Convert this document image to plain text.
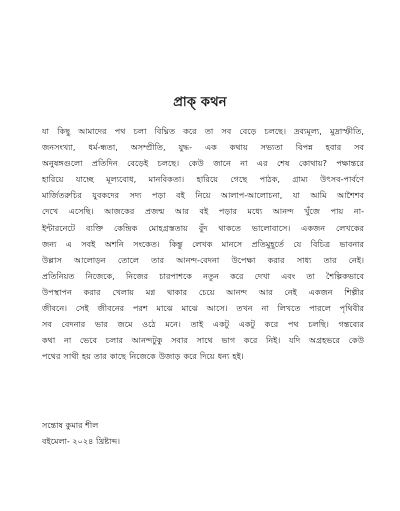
প্রাক্‌ কথন
যা কিছু আমাদের পথ চলা বিঘ্নিত করে তা সব বেড়ে চলছে। দ্রব্যমূল্য, মুদ্রাস্ফীতি,
জনসংখ্যা, ধর্ম-ন্ধতা, অসম্প্রীতি, যুদ্ধ- এক কথায় সভ্যতা বিপন্ন হবার সব
অনুষঙ্গগুলো প্রতিদিন বেড়েই চলছে। কেউ জানে না এর শেষ কোথায়? পক্ষান্তরে
হারিয়ে যাচ্ছে মূল্যবোধ, মানবিকতা। হারিয়ে গেছে পাঠক, গ্রাম্য উৎসব-পার্বণে
মার্জিতরুচির যুবকদের সদ্য পড়া বই নিয়ে আলাপ-আলোচনা, যা আমি আশৈশব
দেখে এসেছি। আজকের প্রজন্ম আর বই পড়ার মধ্যে আনন্দ খুঁজে পায় না-
ইন্টারনেটে ব্যক্তি কেন্দ্রিক মোহগ্রস্ততায় বুঁদ থাকতে ভালোবাসে। একজন লেখকের
জন্য এ সবই অশনি সংকেত। কিন্তু লেখক মানসে প্রতিমুহূর্তে যে বিচিত্র ভাবনার
উল্লাস আলোড়ন তোলে তার আনন্দ-বেদনা উপেক্ষা করার সাধ্য তার নেই।
প্রতিনিয়ত নিজেকে, নিজের চারপাশকে নতুন করে দেখা এবং তা শৈল্পিকভাবে
উপস্থাপন করার খেলায় মগ্ন থাকার চেয়ে আনন্দ আর নেই একজন শিল্পীর
জীবনে। সেই জীবনের পরশ মাঝে মাঝে আসে। তখন না লিখতে পারলে পৃথিবীর
সব বেদনার ভার জমে ওঠে মনে। তাই একটু একটু করে পথ চলছি। গন্তব্যের
কথা না ভেবে চলার আনন্দটুকু সবার সাথে ভাগ করে নিই। যদি অগ্রহভরে কেউ
পথের সাথী হয় তার কাছে নিজেকে উজাড় করে দিয়ে ধন্য হই।
সন্তোষ কুমার শীল
বইমেলা- ২০২৪ খ্রিষ্টাব্দ।
